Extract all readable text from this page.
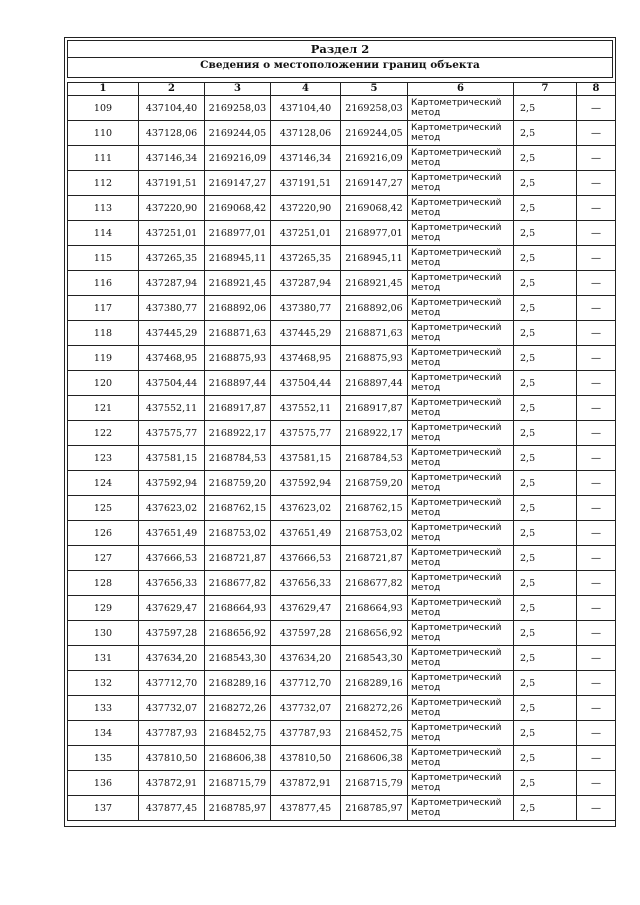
Раздел 2
Сведения о местоположении границ объекта
1	2	3	4	5	6	7	8
109	437104,40	2169258,03	437104,40	2169258,03	Картометрический метод	2,5	—
110	437128,06	2169244,05	437128,06	2169244,05	Картометрический метод	2,5	—
111	437146,34	2169216,09	437146,34	2169216,09	Картометрический метод	2,5	—
112	437191,51	2169147,27	437191,51	2169147,27	Картометрический метод	2,5	—
113	437220,90	2169068,42	437220,90	2169068,42	Картометрический метод	2,5	—
114	437251,01	2168977,01	437251,01	2168977,01	Картометрический метод	2,5	—
115	437265,35	2168945,11	437265,35	2168945,11	Картометрический метод	2,5	—
116	437287,94	2168921,45	437287,94	2168921,45	Картометрический метод	2,5	—
117	437380,77	2168892,06	437380,77	2168892,06	Картометрический метод	2,5	—
118	437445,29	2168871,63	437445,29	2168871,63	Картометрический метод	2,5	—
119	437468,95	2168875,93	437468,95	2168875,93	Картометрический метод	2,5	—
120	437504,44	2168897,44	437504,44	2168897,44	Картометрический метод	2,5	—
121	437552,11	2168917,87	437552,11	2168917,87	Картометрический метод	2,5	—
122	437575,77	2168922,17	437575,77	2168922,17	Картометрический метод	2,5	—
123	437581,15	2168784,53	437581,15	2168784,53	Картометрический метод	2,5	—
124	437592,94	2168759,20	437592,94	2168759,20	Картометрический метод	2,5	—
125	437623,02	2168762,15	437623,02	2168762,15	Картометрический метод	2,5	—
126	437651,49	2168753,02	437651,49	2168753,02	Картометрический метод	2,5	—
127	437666,53	2168721,87	437666,53	2168721,87	Картометрический метод	2,5	—
128	437656,33	2168677,82	437656,33	2168677,82	Картометрический метод	2,5	—
129	437629,47	2168664,93	437629,47	2168664,93	Картометрический метод	2,5	—
130	437597,28	2168656,92	437597,28	2168656,92	Картометрический метод	2,5	—
131	437634,20	2168543,30	437634,20	2168543,30	Картометрический метод	2,5	—
132	437712,70	2168289,16	437712,70	2168289,16	Картометрический метод	2,5	—
133	437732,07	2168272,26	437732,07	2168272,26	Картометрический метод	2,5	—
134	437787,93	2168452,75	437787,93	2168452,75	Картометрический метод	2,5	—
135	437810,50	2168606,38	437810,50	2168606,38	Картометрический метод	2,5	—
136	437872,91	2168715,79	437872,91	2168715,79	Картометрический метод	2,5	—
137	437877,45	2168785,97	437877,45	2168785,97	Картометрический метод	2,5	—
